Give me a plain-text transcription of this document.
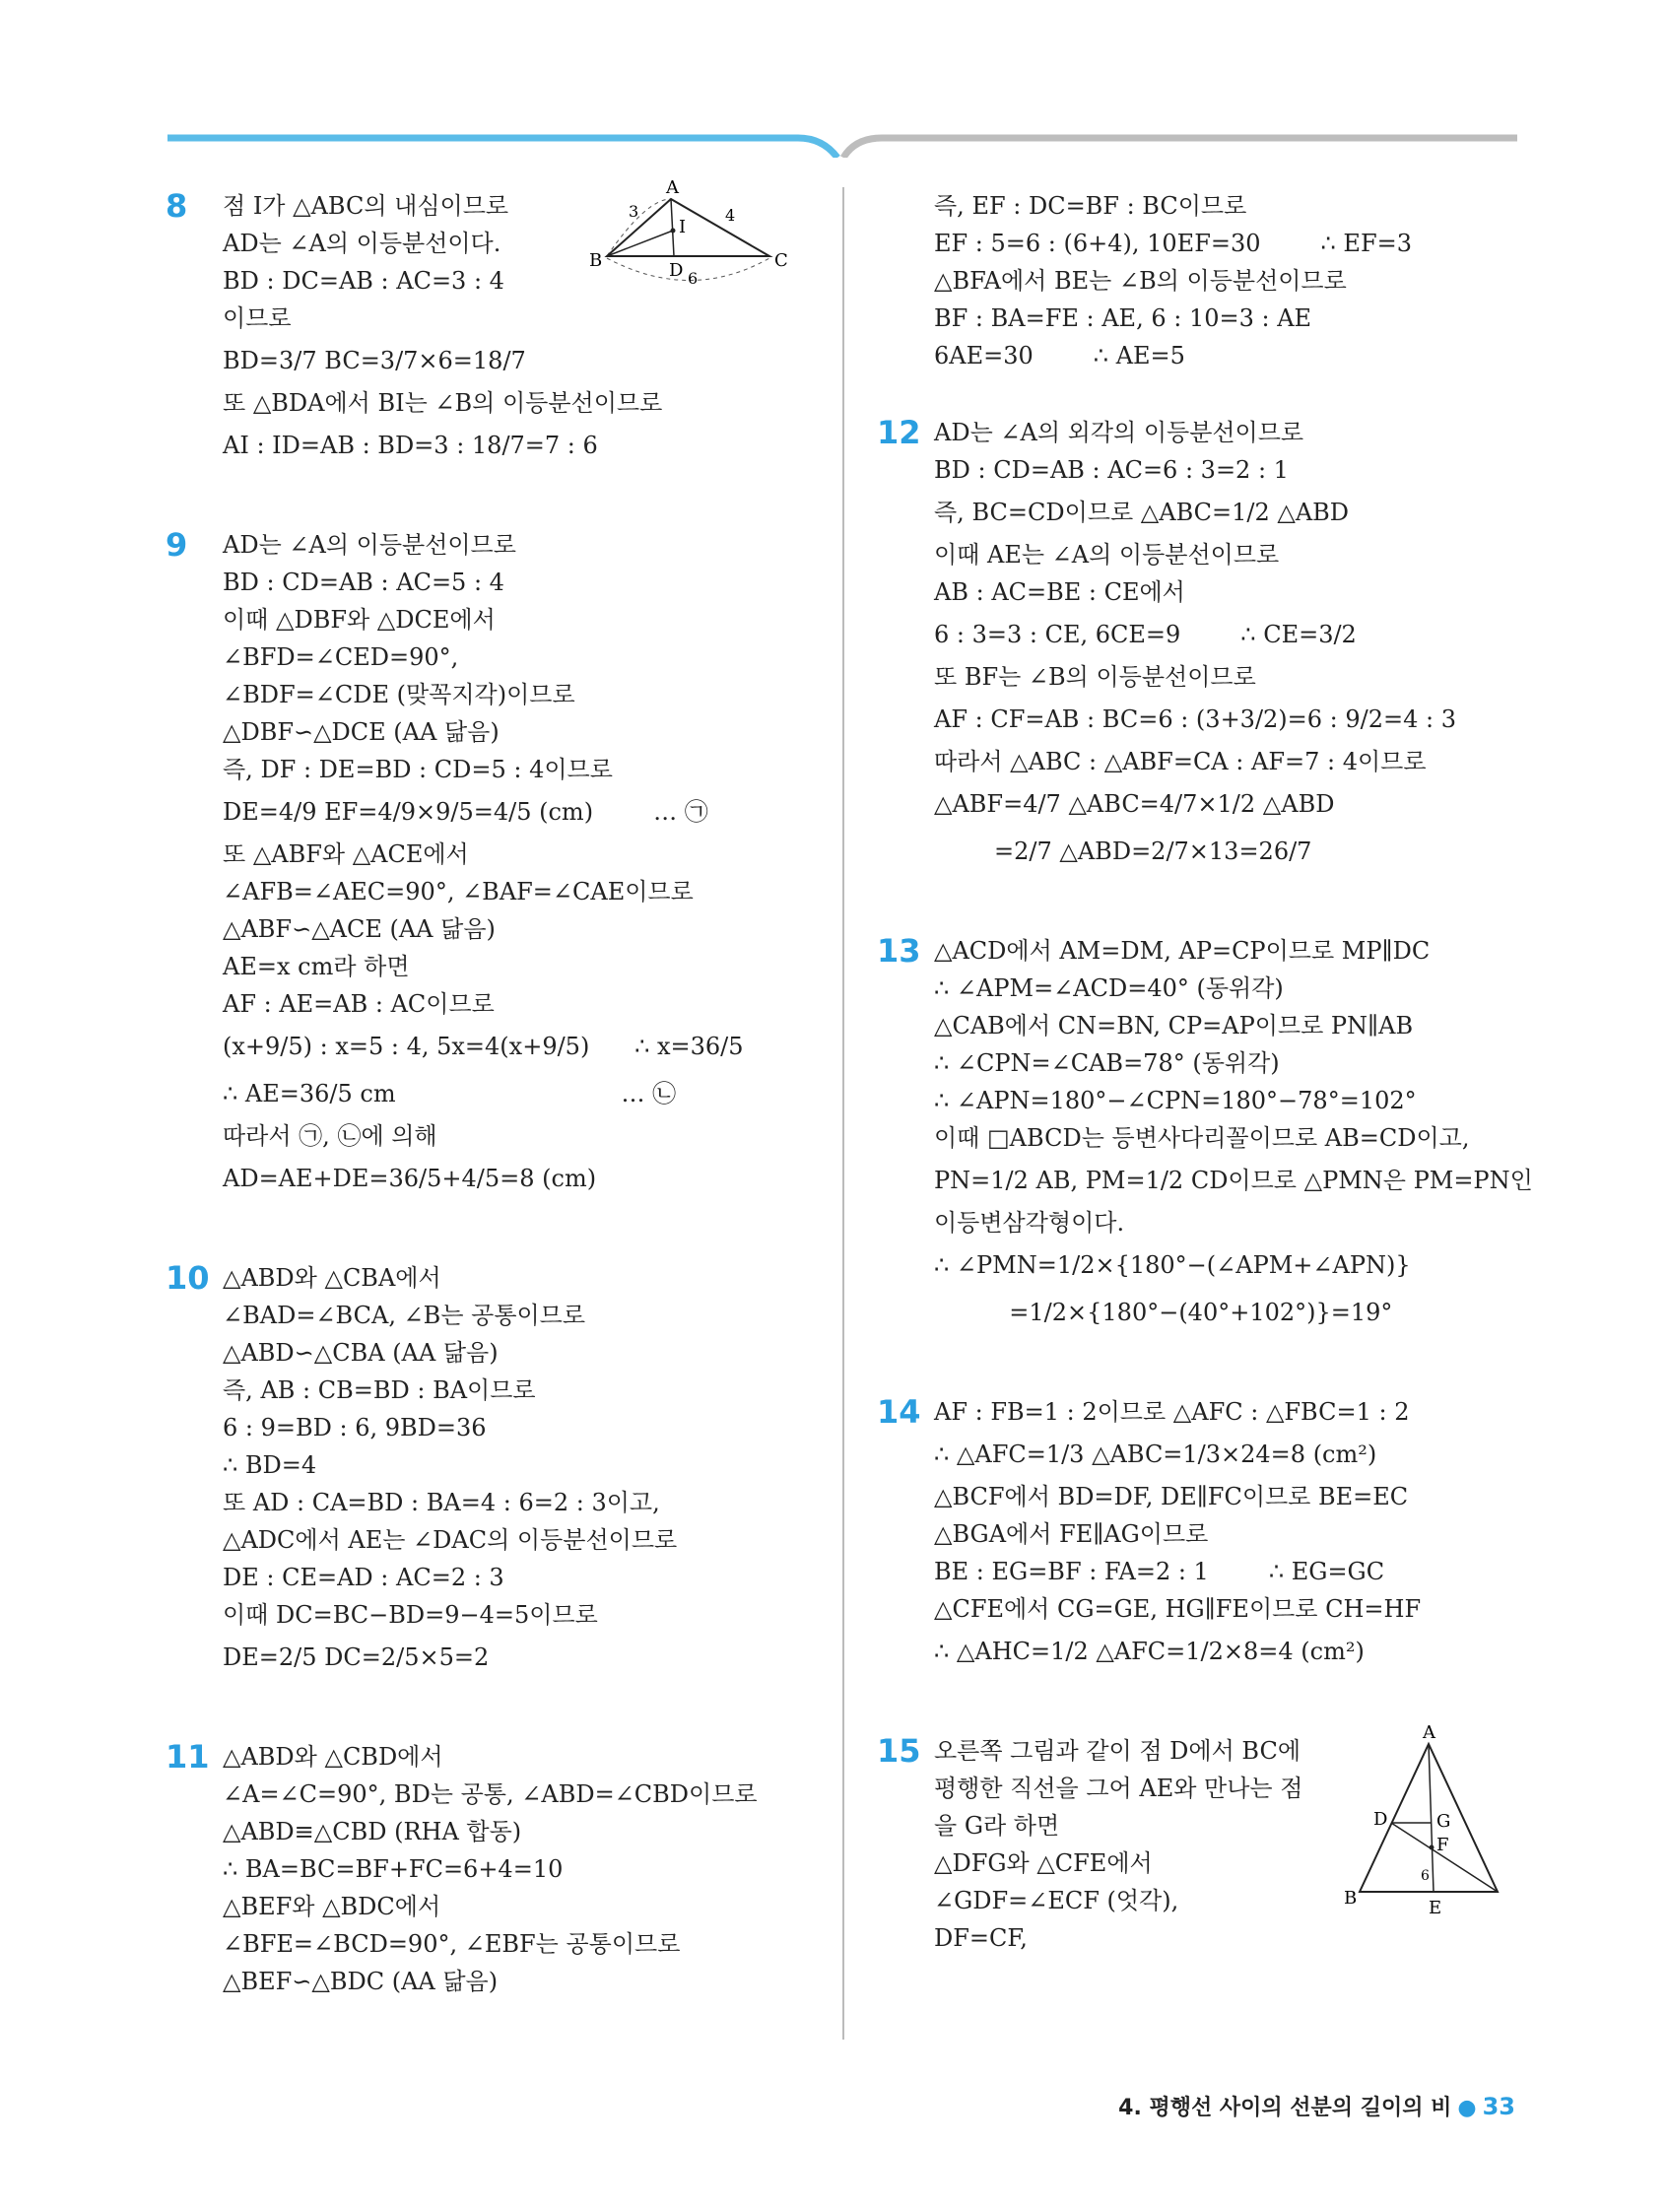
8 점 I가 △ABC의 내심이므로
AD는 ∠A의 이등분선이다.
BD : DC=AB : AC=3 : 4
이므로
BD=3/7 BC=3/7×6=18/7
또 △BDA에서 BI는 ∠B의 이등분선이므로
AI : ID=AB : BD=3 : 18/7=7 : 6
A
B	C
D
I
3	4
6
9 AD는 ∠A의 이등분선이므로
BD : CD=AB : AC=5 : 4
이때 △DBF와 △DCE에서
∠BFD=∠CED=90°,
∠BDF=∠CDE (맞꼭지각)이므로
△DBF∽△DCE (AA 닮음)
즉, DF : DE=BD : CD=5 : 4이므로
DE=4/9 EF=4/9×9/5=4/5 (cm)        … ㉠
또 △ABF와 △ACE에서
∠AFB=∠AEC=90°, ∠BAF=∠CAE이므로
△ABF∽△ACE (AA 닮음)
AE=x cm라 하면
AF : AE=AB : AC이므로
(x+9/5) : x=5 : 4, 5x=4(x+9/5)      ∴ x=36/5
∴ AE=36/5 cm                              … ㉡
따라서 ㉠, ㉡에 의해
AD=AE+DE=36/5+4/5=8 (cm)
10 △ABD와 △CBA에서
∠BAD=∠BCA, ∠B는 공통이므로
△ABD∽△CBA (AA 닮음)
즉, AB : CB=BD : BA이므로
6 : 9=BD : 6, 9BD=36
∴ BD=4
또 AD : CA=BD : BA=4 : 6=2 : 3이고,
△ADC에서 AE는 ∠DAC의 이등분선이므로
DE : CE=AD : AC=2 : 3
이때 DC=BC−BD=9−4=5이므로
DE=2/5 DC=2/5×5=2
11 △ABD와 △CBD에서
∠A=∠C=90°, BD는 공통, ∠ABD=∠CBD이므로
△ABD≡△CBD (RHA 합동)
∴ BA=BC=BF+FC=6+4=10
△BEF와 △BDC에서
∠BFE=∠BCD=90°, ∠EBF는 공통이므로
△BEF∽△BDC (AA 닮음)
즉, EF : DC=BF : BC이므로
EF : 5=6 : (6+4), 10EF=30        ∴ EF=3
△BFA에서 BE는 ∠B의 이등분선이므로
BF : BA=FE : AE, 6 : 10=3 : AE
6AE=30        ∴ AE=5
12 AD는 ∠A의 외각의 이등분선이므로
BD : CD=AB : AC=6 : 3=2 : 1
즉, BC=CD이므로 △ABC=1/2 △ABD
이때 AE는 ∠A의 이등분선이므로
AB : AC=BE : CE에서
6 : 3=3 : CE, 6CE=9        ∴ CE=3/2
또 BF는 ∠B의 이등분선이므로
AF : CF=AB : BC=6 : (3+3/2)=6 : 9/2=4 : 3
따라서 △ABC : △ABF=CA : AF=7 : 4이므로
△ABF=4/7 △ABC=4/7×1/2 △ABD
=2/7 △ABD=2/7×13=26/7
13 △ACD에서 AM=DM, AP=CP이므로 MP∥DC
∴ ∠APM=∠ACD=40° (동위각)
△CAB에서 CN=BN, CP=AP이므로 PN∥AB
∴ ∠CPN=∠CAB=78° (동위각)
∴ ∠APN=180°−∠CPN=180°−78°=102°
이때 □ABCD는 등변사다리꼴이므로 AB=CD이고,
PN=1/2 AB, PM=1/2 CD이므로 △PMN은 PM=PN인
이등변삼각형이다.
∴ ∠PMN=1/2×{180°−(∠APM+∠APN)}
=1/2×{180°−(40°+102°)}=19°
14 AF : FB=1 : 2이므로 △AFC : △FBC=1 : 2
∴ △AFC=1/3 △ABC=1/3×24=8 (cm²)
△BCF에서 BD=DF, DE∥FC이므로 BE=EC
△BGA에서 FE∥AG이므로
BE : EG=BF : FA=2 : 1        ∴ EG=GC
△CFE에서 CG=GE, HG∥FE이므로 CH=HF
∴ △AHC=1/2 △AFC=1/2×8=4 (cm²)
15 오른쪽 그림과 같이 점 D에서 BC에
평행한 직선을 그어 AE와 만나는 점
을 G라 하면
△DFG와 △CFE에서
∠GDF=∠ECF (엇각),
DF=CF,
A
B
D
E
F
G
6
4. 평행선 사이의 선분의 길이의 비 ● 33
